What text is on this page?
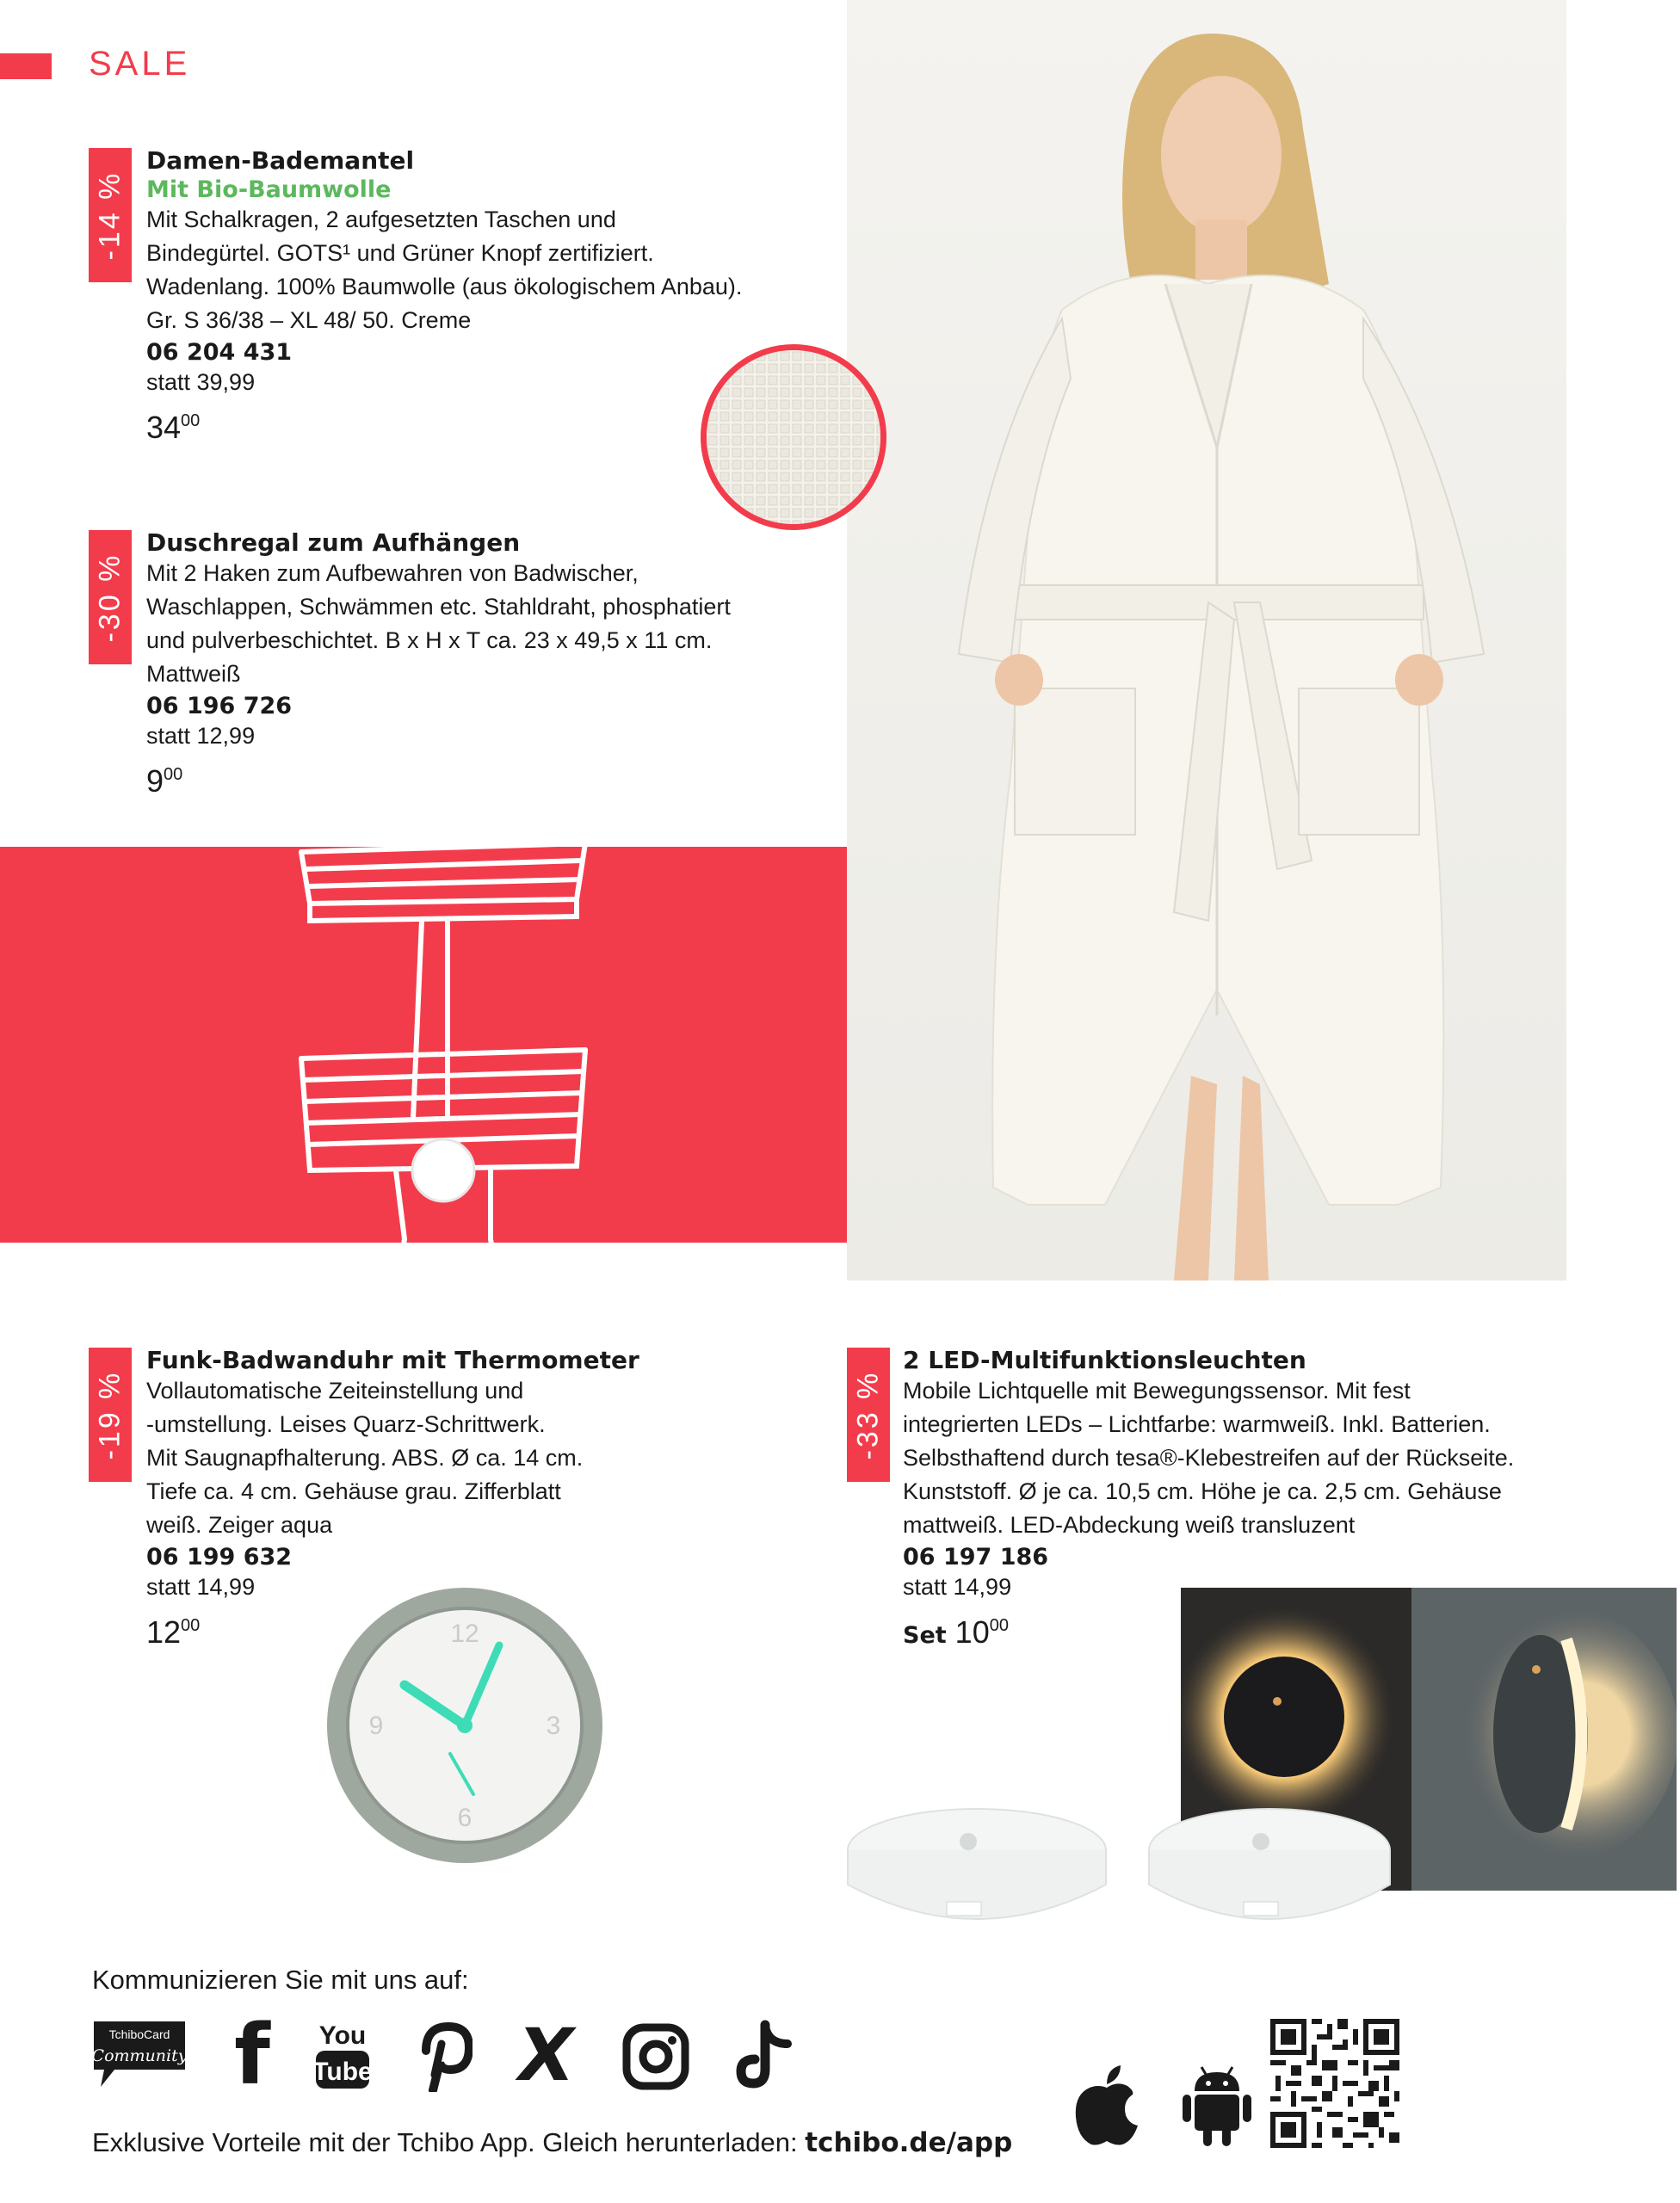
SALE
-14 %
Damen-Bademantel
Mit Bio-Baumwolle
Mit Schalkragen, 2 aufgesetzten Taschen und
Bindegürtel. GOTS¹ und Grüner Knopf zertifiziert.
Wadenlang. 100% Baumwolle (aus ökologischem Anbau).
Gr. S 36/38 – XL 48/ 50. Creme
06 204 431
statt 39,99
$34^{00}$
-30 %
Duschregal zum Aufhängen
Mit 2 Haken zum Aufbewahren von Badwischer,
Waschlappen, Schwämmen etc. Stahldraht, phosphatiert
und pulverbeschichtet. B x H x T ca. 23 x 49,5 x 11 cm.
Mattweiß
06 196 726
statt 12,99
$9^{00}$
-19 %
Funk-Badwanduhr mit Thermometer
Vollautomatische Zeiteinstellung und
-umstellung. Leises Quarz-Schrittwerk.
Mit Saugnapfhalterung. ABS. Ø ca. 14 cm.
Tiefe ca. 4 cm. Gehäuse grau. Zifferblatt
weiß. Zeiger aqua
06 199 632
statt 14,99
$12^{00}$	12
3
6
9
-33 %
2 LED-Multifunktionsleuchten
Mobile Lichtquelle mit Bewegungssensor. Mit fest
integrierten LEDs – Lichtfarbe: warmweiß. Inkl. Batterien.
Selbsthaftend durch tesa®-Klebestreifen auf der Rückseite.
Kunststoff. Ø je ca. 10,5 cm. Höhe je ca. 2,5 cm. Gehäuse
mattweiß. LED-Abdeckung weiß transluzent
06 197 186
statt 14,99
Set $10^{00}$
Kommunizieren Sie mit uns auf:
TchiboCard
Community f You
Tube X
Exklusive Vorteile mit der Tchibo App. Gleich herunterladen: tchibo.de/app
